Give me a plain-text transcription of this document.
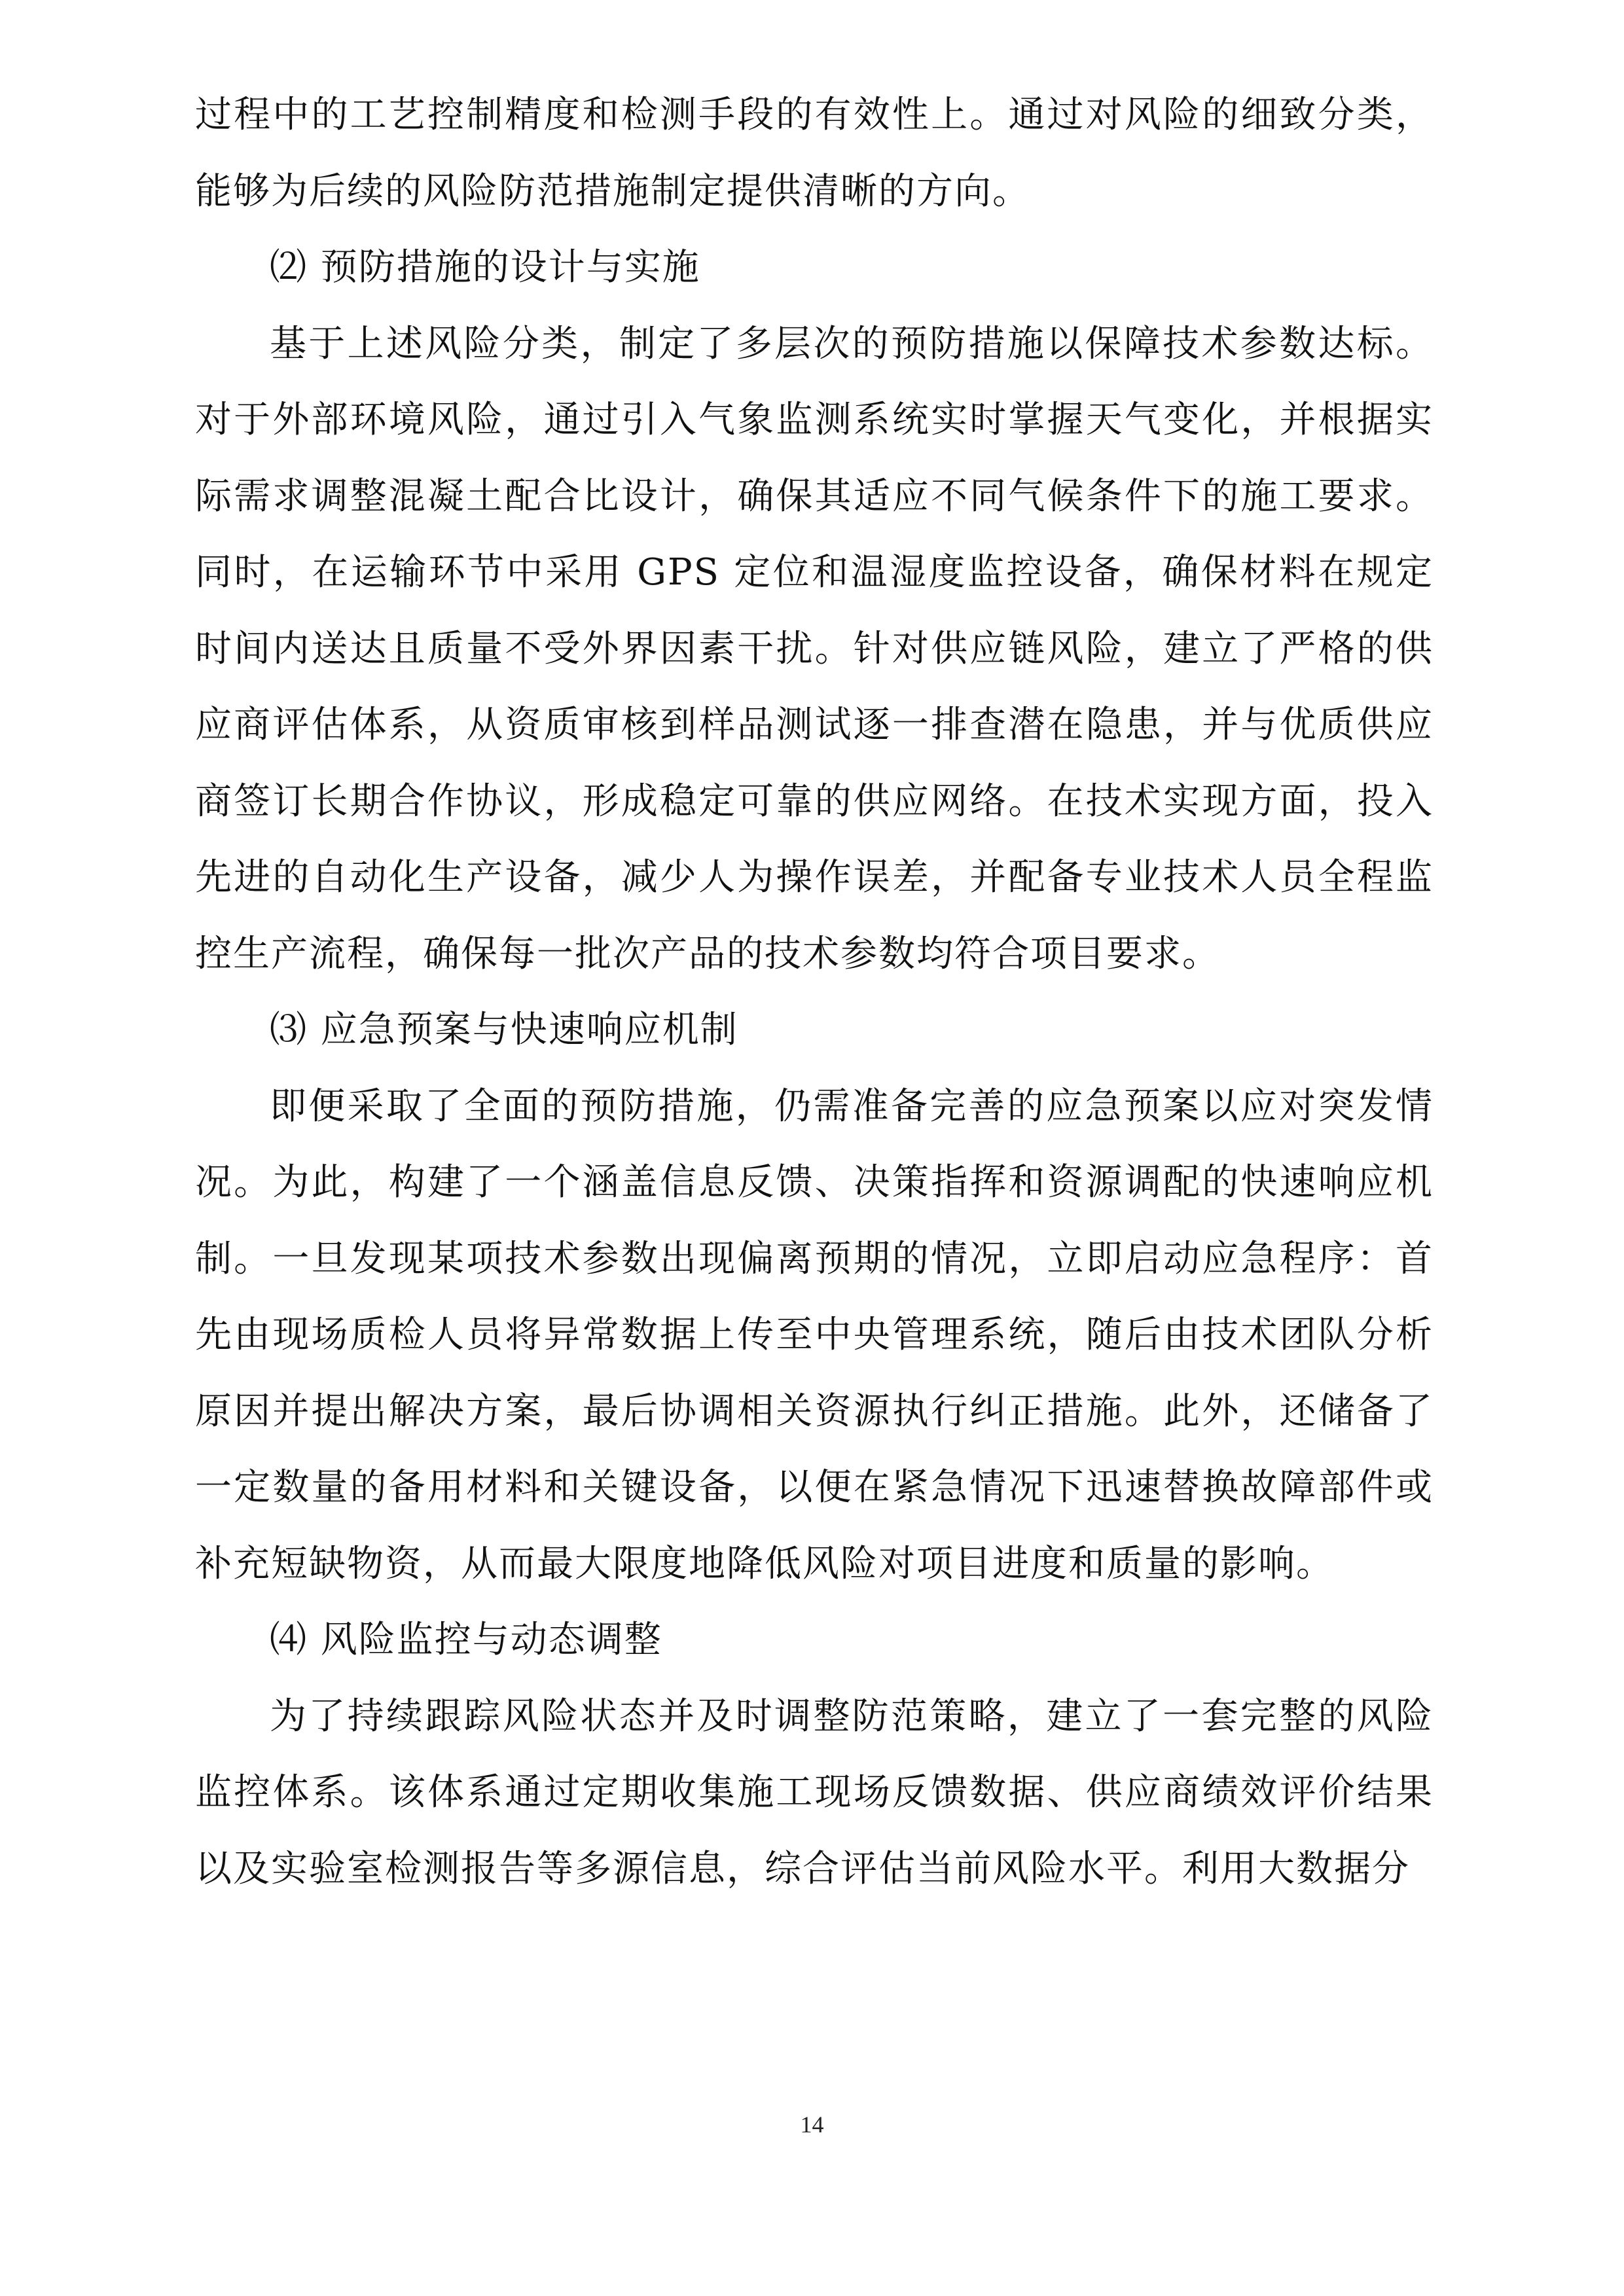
过程中的工艺控制精度和检测手段的有效性上。通过对风险的细致分类，能够为后续的风险防范措施制定提供清晰的方向。

⑵ 预防措施的设计与实施

基于上述风险分类，制定了多层次的预防措施以保障技术参数达标。对于外部环境风险，通过引入气象监测系统实时掌握天气变化，并根据实际需求调整混凝土配合比设计，确保其适应不同气候条件下的施工要求。同时，在运输环节中采用 GPS 定位和温湿度监控设备，确保材料在规定时间内送达且质量不受外界因素干扰。针对供应链风险，建立了严格的供应商评估体系，从资质审核到样品测试逐一排查潜在隐患，并与优质供应商签订长期合作协议，形成稳定可靠的供应网络。在技术实现方面，投入先进的自动化生产设备，减少人为操作误差，并配备专业技术人员全程监控生产流程，确保每一批次产品的技术参数均符合项目要求。

⑶ 应急预案与快速响应机制

即便采取了全面的预防措施，仍需准备完善的应急预案以应对突发情况。为此，构建了一个涵盖信息反馈、决策指挥和资源调配的快速响应机制。一旦发现某项技术参数出现偏离预期的情况，立即启动应急程序：首先由现场质检人员将异常数据上传至中央管理系统，随后由技术团队分析原因并提出解决方案，最后协调相关资源执行纠正措施。此外，还储备了一定数量的备用材料和关键设备，以便在紧急情况下迅速替换故障部件或补充短缺物资，从而最大限度地降低风险对项目进度和质量的影响。

⑷ 风险监控与动态调整

为了持续跟踪风险状态并及时调整防范策略，建立了一套完整的风险监控体系。该体系通过定期收集施工现场反馈数据、供应商绩效评价结果以及实验室检测报告等多源信息，综合评估当前风险水平。利用大数据分

14
